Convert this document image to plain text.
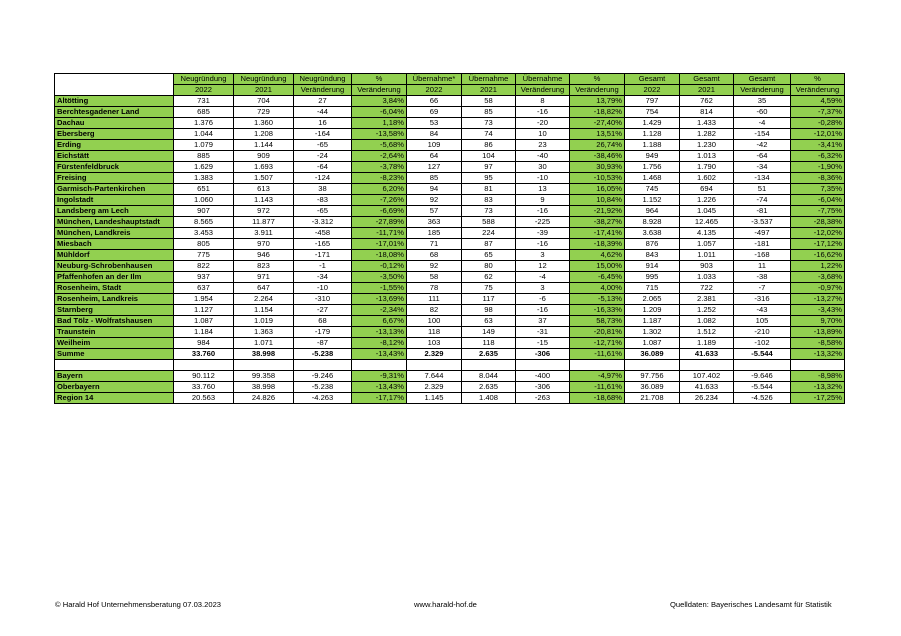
	Neugründung	Neugründung	Neugründung	%	Übernahme*	Übernahme	Übernahme	%	Gesamt	Gesamt	Gesamt	%
	2022	2021	Veränderung	Veränderung	2022	2021	Veränderung	Veränderung	2022	2021	Veränderung	Veränderung
Altötting	731	704	27	3,84%	66	58	8	13,79%	797	762	35	4,59%
Berchtesgadener Land	685	729	-44	-6,04%	69	85	-16	-18,82%	754	814	-60	-7,37%
Dachau	1.376	1.360	16	1,18%	53	73	-20	-27,40%	1.429	1.433	-4	-0,28%
Ebersberg	1.044	1.208	-164	-13,58%	84	74	10	13,51%	1.128	1.282	-154	-12,01%
Erding	1.079	1.144	-65	-5,68%	109	86	23	26,74%	1.188	1.230	-42	-3,41%
Eichstätt	885	909	-24	-2,64%	64	104	-40	-38,46%	949	1.013	-64	-6,32%
Fürstenfeldbruck	1.629	1.693	-64	-3,78%	127	97	30	30,93%	1.756	1.790	-34	-1,90%
Freising	1.383	1.507	-124	-8,23%	85	95	-10	-10,53%	1.468	1.602	-134	-8,36%
Garmisch-Partenkirchen	651	613	38	6,20%	94	81	13	16,05%	745	694	51	7,35%
Ingolstadt	1.060	1.143	-83	-7,26%	92	83	9	10,84%	1.152	1.226	-74	-6,04%
Landsberg am Lech	907	972	-65	-6,69%	57	73	-16	-21,92%	964	1.045	-81	-7,75%
München, Landeshauptstadt	8.565	11.877	-3.312	-27,89%	363	588	-225	-38,27%	8.928	12.465	-3.537	-28,38%
München, Landkreis	3.453	3.911	-458	-11,71%	185	224	-39	-17,41%	3.638	4.135	-497	-12,02%
Miesbach	805	970	-165	-17,01%	71	87	-16	-18,39%	876	1.057	-181	-17,12%
Mühldorf	775	946	-171	-18,08%	68	65	3	4,62%	843	1.011	-168	-16,62%
Neuburg-Schrobenhausen	822	823	-1	-0,12%	92	80	12	15,00%	914	903	11	1,22%
Pfaffenhofen an der Ilm	937	971	-34	-3,50%	58	62	-4	-6,45%	995	1.033	-38	-3,68%
Rosenheim, Stadt	637	647	-10	-1,55%	78	75	3	4,00%	715	722	-7	-0,97%
Rosenheim, Landkreis	1.954	2.264	-310	-13,69%	111	117	-6	-5,13%	2.065	2.381	-316	-13,27%
Starnberg	1.127	1.154	-27	-2,34%	82	98	-16	-16,33%	1.209	1.252	-43	-3,43%
Bad Tölz - Wolfratshausen	1.087	1.019	68	6,67%	100	63	37	58,73%	1.187	1.082	105	9,70%
Traunstein	1.184	1.363	-179	-13,13%	118	149	-31	-20,81%	1.302	1.512	-210	-13,89%
Weilheim	984	1.071	-87	-8,12%	103	118	-15	-12,71%	1.087	1.189	-102	-8,58%
Summe	33.760	38.998	-5.238	-13,43%	2.329	2.635	-306	-11,61%	36.089	41.633	-5.544	-13,32%

Bayern	90.112	99.358	-9.246	-9,31%	7.644	8.044	-400	-4,97%	97.756	107.402	-9.646	-8,98%
Oberbayern	33.760	38.998	-5.238	-13,43%	2.329	2.635	-306	-11,61%	36.089	41.633	-5.544	-13,32%
Region 14	20.563	24.826	-4.263	-17,17%	1.145	1.408	-263	-18,68%	21.708	26.234	-4.526	-17,25%
© Harald Hof Unternehmensberatung 07.03.2023	www.harald-hof.de	Quelldaten: Bayerisches Landesamt für Statistik
